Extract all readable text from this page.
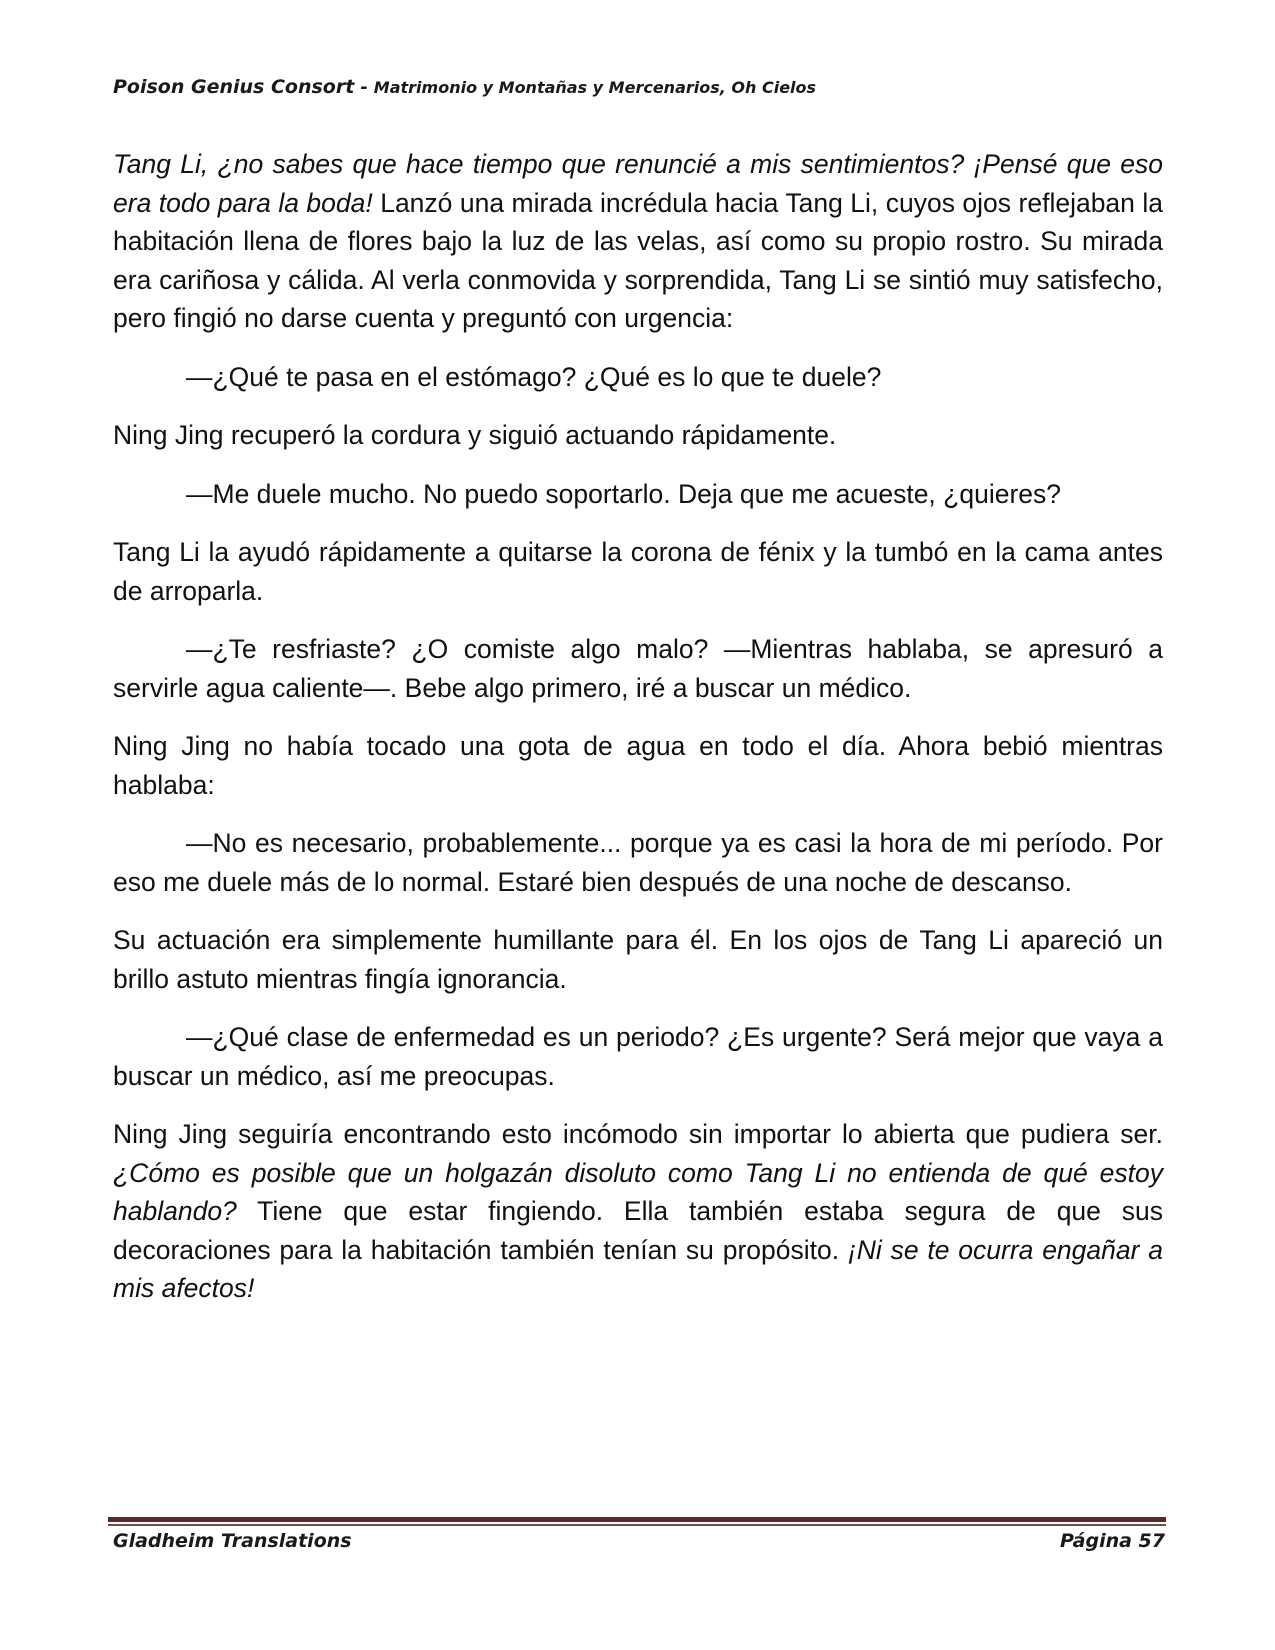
Poison Genius Consort - Matrimonio y Montañas y Mercenarios, Oh Cielos

Tang Li, ¿no sabes que hace tiempo que renuncié a mis sentimientos? ¡Pensé que eso era todo para la boda! Lanzó una mirada incrédula hacia Tang Li, cuyos ojos reflejaban la habitación llena de flores bajo la luz de las velas, así como su propio rostro. Su mirada era cariñosa y cálida. Al verla conmovida y sorprendida, Tang Li se sintió muy satisfecho, pero fingió no darse cuenta y preguntó con urgencia:

—¿Qué te pasa en el estómago? ¿Qué es lo que te duele?

Ning Jing recuperó la cordura y siguió actuando rápidamente.

—Me duele mucho. No puedo soportarlo. Deja que me acueste, ¿quieres?

Tang Li la ayudó rápidamente a quitarse la corona de fénix y la tumbó en la cama antes de arroparla.

—¿Te resfriaste? ¿O comiste algo malo? —Mientras hablaba, se apresuró a servirle agua caliente—. Bebe algo primero, iré a buscar un médico.

Ning Jing no había tocado una gota de agua en todo el día. Ahora bebió mientras hablaba:

—No es necesario, probablemente... porque ya es casi la hora de mi período. Por eso me duele más de lo normal. Estaré bien después de una noche de descanso.

Su actuación era simplemente humillante para él. En los ojos de Tang Li apareció un brillo astuto mientras fingía ignorancia.

—¿Qué clase de enfermedad es un periodo? ¿Es urgente? Será mejor que vaya a buscar un médico, así me preocupas.

Ning Jing seguiría encontrando esto incómodo sin importar lo abierta que pudiera ser. ¿Cómo es posible que un holgazán disoluto como Tang Li no entienda de qué estoy hablando? Tiene que estar fingiendo. Ella también estaba segura de que sus decoraciones para la habitación también tenían su propósito. ¡Ni se te ocurra engañar a mis afectos!

Gladheim Translations	Página 57
